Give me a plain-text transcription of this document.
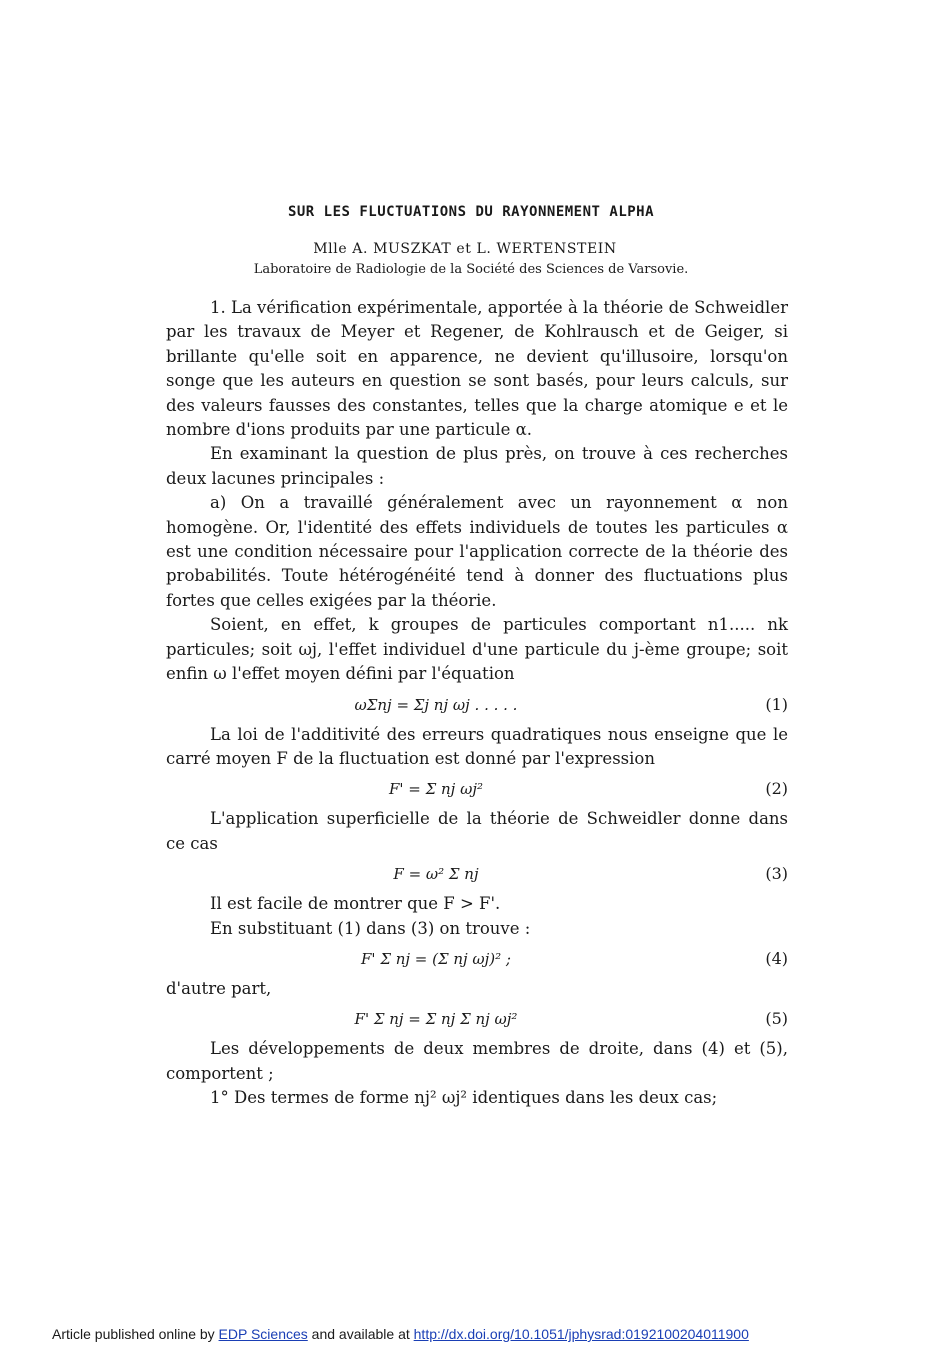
SUR LES FLUCTUATIONS DU RAYONNEMENT ALPHA
Mlle A. MUSZKAT et L. WERTENSTEIN
Laboratoire de Radiologie de la Société des Sciences de Varsovie.

1. La vérification expérimentale, apportée à la théorie de Schweidler par les travaux de Meyer et Regener, de Kohlrausch et de Geiger, si brillante qu'elle soit en apparence, ne devient qu'illusoire, lorsqu'on songe que les auteurs en question se sont basés, pour leurs calculs, sur des valeurs fausses des constantes, telles que la charge atomique e et le nombre d'ions produits par une particule α.

En examinant la question de plus près, on trouve à ces recherches deux lacunes principales :

a) On a travaillé généralement avec un rayonnement α non homogène. Or, l'identité des effets individuels de toutes les particules α est une condition nécessaire pour l'application correcte de la théorie des probabilités. Toute hétérogénéité tend à donner des fluctuations plus fortes que celles exigées par la théorie.

Soient, en effet, k groupes de particules comportant n1..... nk particules; soit ωj, l'effet individuel d'une particule du j-ème groupe; soit enfin ω l'effet moyen défini par l'équation

ωΣnj = Σj nj ωj . . . . .	(1)

La loi de l'additivité des erreurs quadratiques nous enseigne que le carré moyen F de la fluctuation est donné par l'expression

F' = Σ nj ωj²	(2)

L'application superficielle de la théorie de Schweidler donne dans ce cas

F = ω² Σ nj	(3)

Il est facile de montrer que F > F'.

En substituant (1) dans (3) on trouve :

F' Σ nj = (Σ nj ωj)² ;	(4)

d'autre part,

F' Σ nj = Σ nj Σ nj ωj²	(5)

Les développements de deux membres de droite, dans (4) et (5), comportent ;

1° Des termes de forme nj² ωj² identiques dans les deux cas;

Article published online by EDP Sciences and available at http://dx.doi.org/10.1051/jphysrad:0192100204011900
